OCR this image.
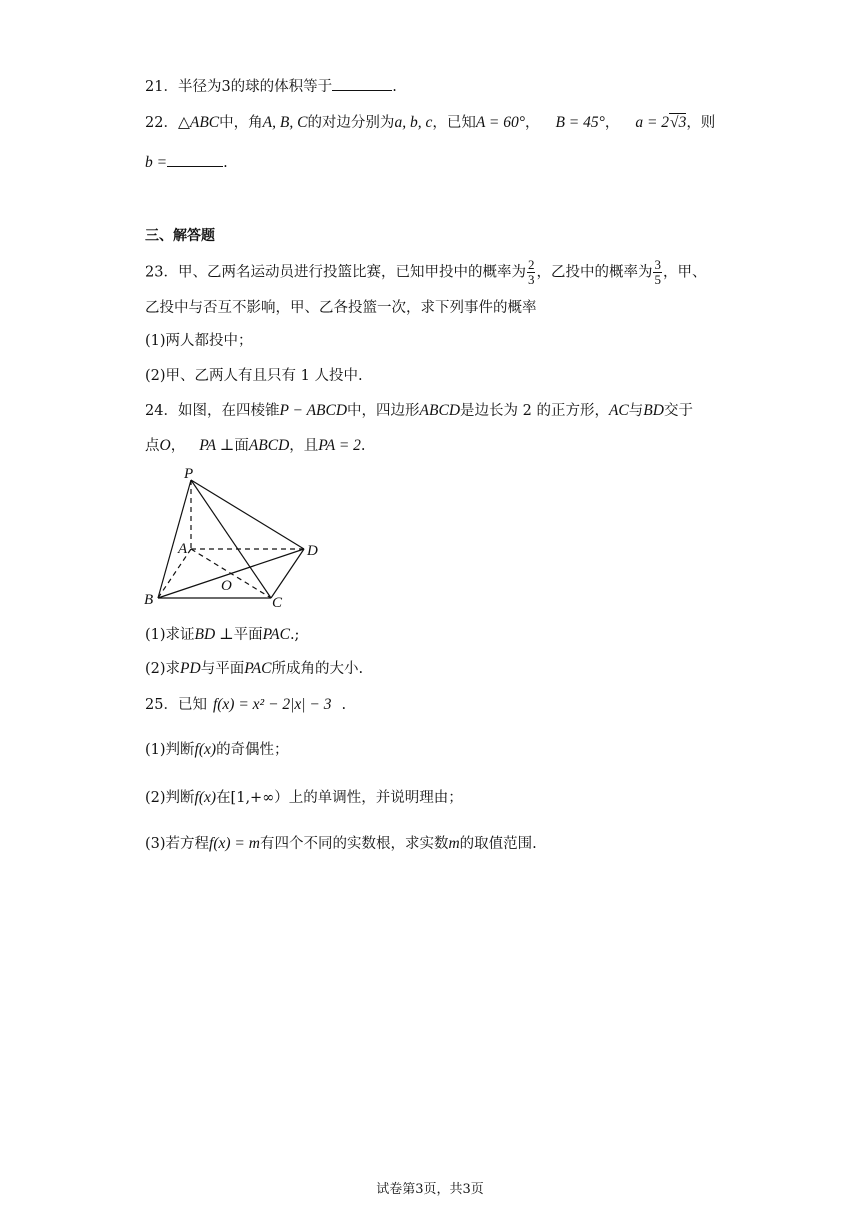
21．半径为3的球的体积等于	.
22．△ABC中，角A, B, C的对边分别为a, b, c，已知A = 60°， B = 45°， a = 2√3，则
b =	.
三、解答题
23．甲、乙两名运动员进行投篮比赛，已知甲投中的概率为 $\frac{2}{3}$ ，乙投中的概率为 $\frac{3}{5}$ ，甲、
乙投中与否互不影响，甲、乙各投篮一次，求下列事件的概率
(1)两人都投中；
(2)甲、乙两人有且只有 1 人投中.
24．如图，在四棱锥P − ABCD中，四边形ABCD是边长为 2 的正方形，AC与BD交于
点O， PA ⊥面ABCD，且PA = 2.
P
A
B	C
D
O
(1)求证BD ⊥平面PAC.;
(2)求PD与平面PAC所成角的大小.
25．已知 f(x) = x² − 2|x| − 3 .
(1)判断f(x)的奇偶性；
(2)判断f(x)在[1,+∞）上的单调性，并说明理由；
(3)若方程f(x) = m有四个不同的实数根，求实数m的取值范围.
试卷第3页，共3页
